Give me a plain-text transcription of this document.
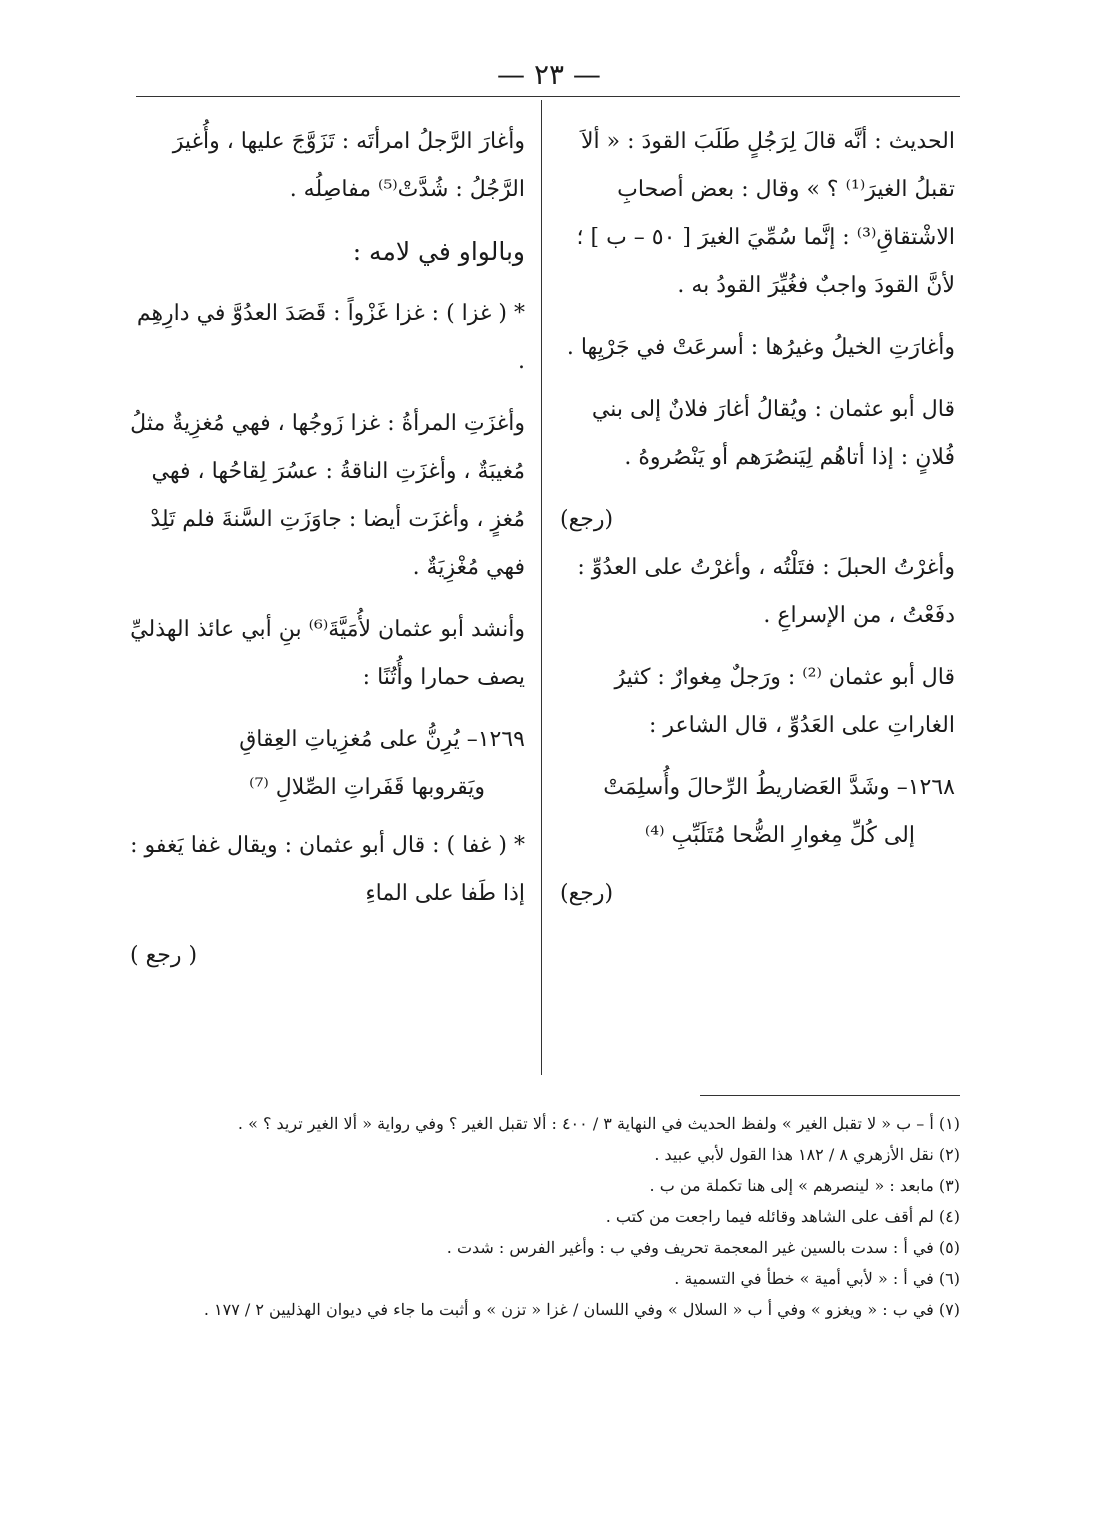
— ٢٣ —

الحديث : أنَّه قالَ لِرَجُلٍ طَلَبَ القودَ : « ألاَ تقبلُ الغيرَ⁽¹⁾ ؟ » وقال : بعض أصحابِ الاشْتقاقِ⁽³⁾ : إنَّما سُمِّيَ الغيرَ [ ٥٠ – ب ] ؛ لأنَّ القودَ واجبٌ فغُيِّرَ القودُ به .

وأغارَتِ الخيلُ وغيرُها : أسرعَتْ في جَرْيِها .

قال أبو عثمان : ويُقالُ أغارَ فلانٌ إلى بني فُلانٍ : إذا أتاهُم لِيَنصُرَهم أو يَنْصُروهُ .

(رجع)

وأغرْتُ الحبلَ : فتَلْتُه ، وأغرْتُ على العدُوِّ : دفَعْتُ ، من الإسراعِ .

قال أبو عثمان ⁽²⁾ : ورَجلٌ مِغوارٌ : كثيرُ الغاراتِ على العَدُوِّ ، قال الشاعر :

١٢٦٨– وشَدَّ العَضاريطُ الرِّحالَ وأُسلِمَتْ
إلى كُلِّ مِغوارِ الضُّحا مُتَلَبِّبِ ⁽⁴⁾
(رجع)

وأغارَ الرَّجلُ امرأتَه : تَزَوَّجَ عليها ، وأُغيرَ الرَّجُلُ : شُدَّتْ⁽⁵⁾ مفاصِلُه .

وبالواو في لامه :

* ( غزا ) : غزا غَزْواً : قَصَدَ العدُوَّ في دارِهِم .

وأغزَتِ المرأةُ : غزا زَوجُها ، فهي مُغزِيةٌ مثلُ مُغيبَةٌ ، وأغزَتِ الناقةُ : عسُرَ لِقاحُها ، فهي مُغزٍ ، وأغزَت أيضا : جاوَزَتِ السَّنةَ فلم تَلِدْ فهي مُغْزِيَةٌ .

وأنشد أبو عثمان لأُمَيَّةَ⁽⁶⁾ بنِ أبي عائذ الهذليِّ يصف حمارا وأُتُنًا :

١٢٦٩– يُرِنُّ على مُغزِياتِ العِقاقِ
ويَقروبها قَفَراتِ الصِّلالِ ⁽⁷⁾

* ( غفا ) : قال أبو عثمان : ويقال غفا يَغفو : إذا طَفا على الماءِ

( رجع )

(١) أ – ب « لا تقبل الغير » ولفظ الحديث في النهاية ٣ / ٤٠٠ : ألا تقبل الغير ؟ وفي رواية « ألا الغير تريد ؟ » .

(٢) نقل الأزهري ٨ / ١٨٢ هذا القول لأبي عبيد .

(٣) مابعد : « لينصرهم » إلى هنا تكملة من ب .

(٤) لم أقف على الشاهد وقائله فيما راجعت من كتب .

(٥) في أ : سدت بالسين غير المعجمة تحريف وفي ب : وأغير الفرس : شدت .

(٦) في أ : « لأبي أمية » خطأ في التسمية .

(٧) في ب : « ويغزو » وفي أ ب « السلال » وفي اللسان / غزا « تزن » و أثبت ما جاء في ديوان الهذليين ٢ / ١٧٧ .
